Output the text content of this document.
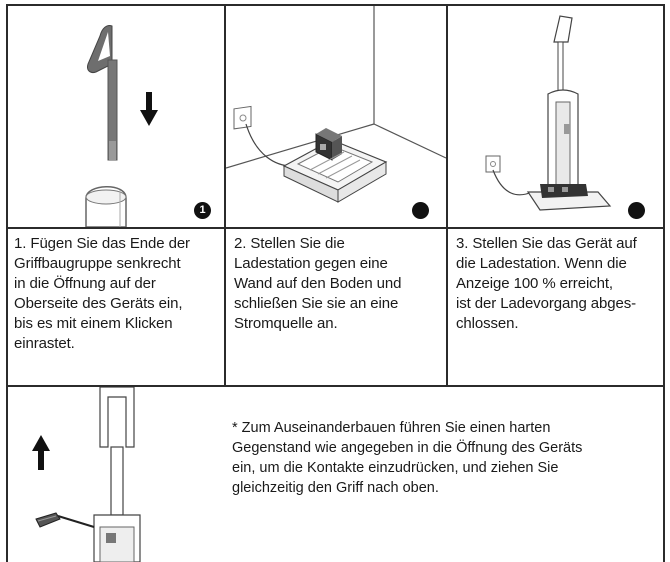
1
1. Fügen Sie das Ende der
Griffbaugruppe senkrecht
in die Öffnung auf der
Oberseite des Geräts ein,
bis es mit einem Klicken
einrastet.
2. Stellen Sie die
Ladestation gegen eine
Wand auf den Boden und
schließen Sie sie an eine
Stromquelle an.
3. Stellen Sie das Gerät auf
die Ladestation. Wenn die
Anzeige 100 % erreicht,
ist der Ladevorgang abges-
chlossen.
* Zum Auseinanderbauen führen Sie einen harten
Gegenstand wie angegeben in die Öffnung des Geräts
ein, um die Kontakte einzudrücken, und ziehen Sie
gleichzeitig den Griff nach oben.
